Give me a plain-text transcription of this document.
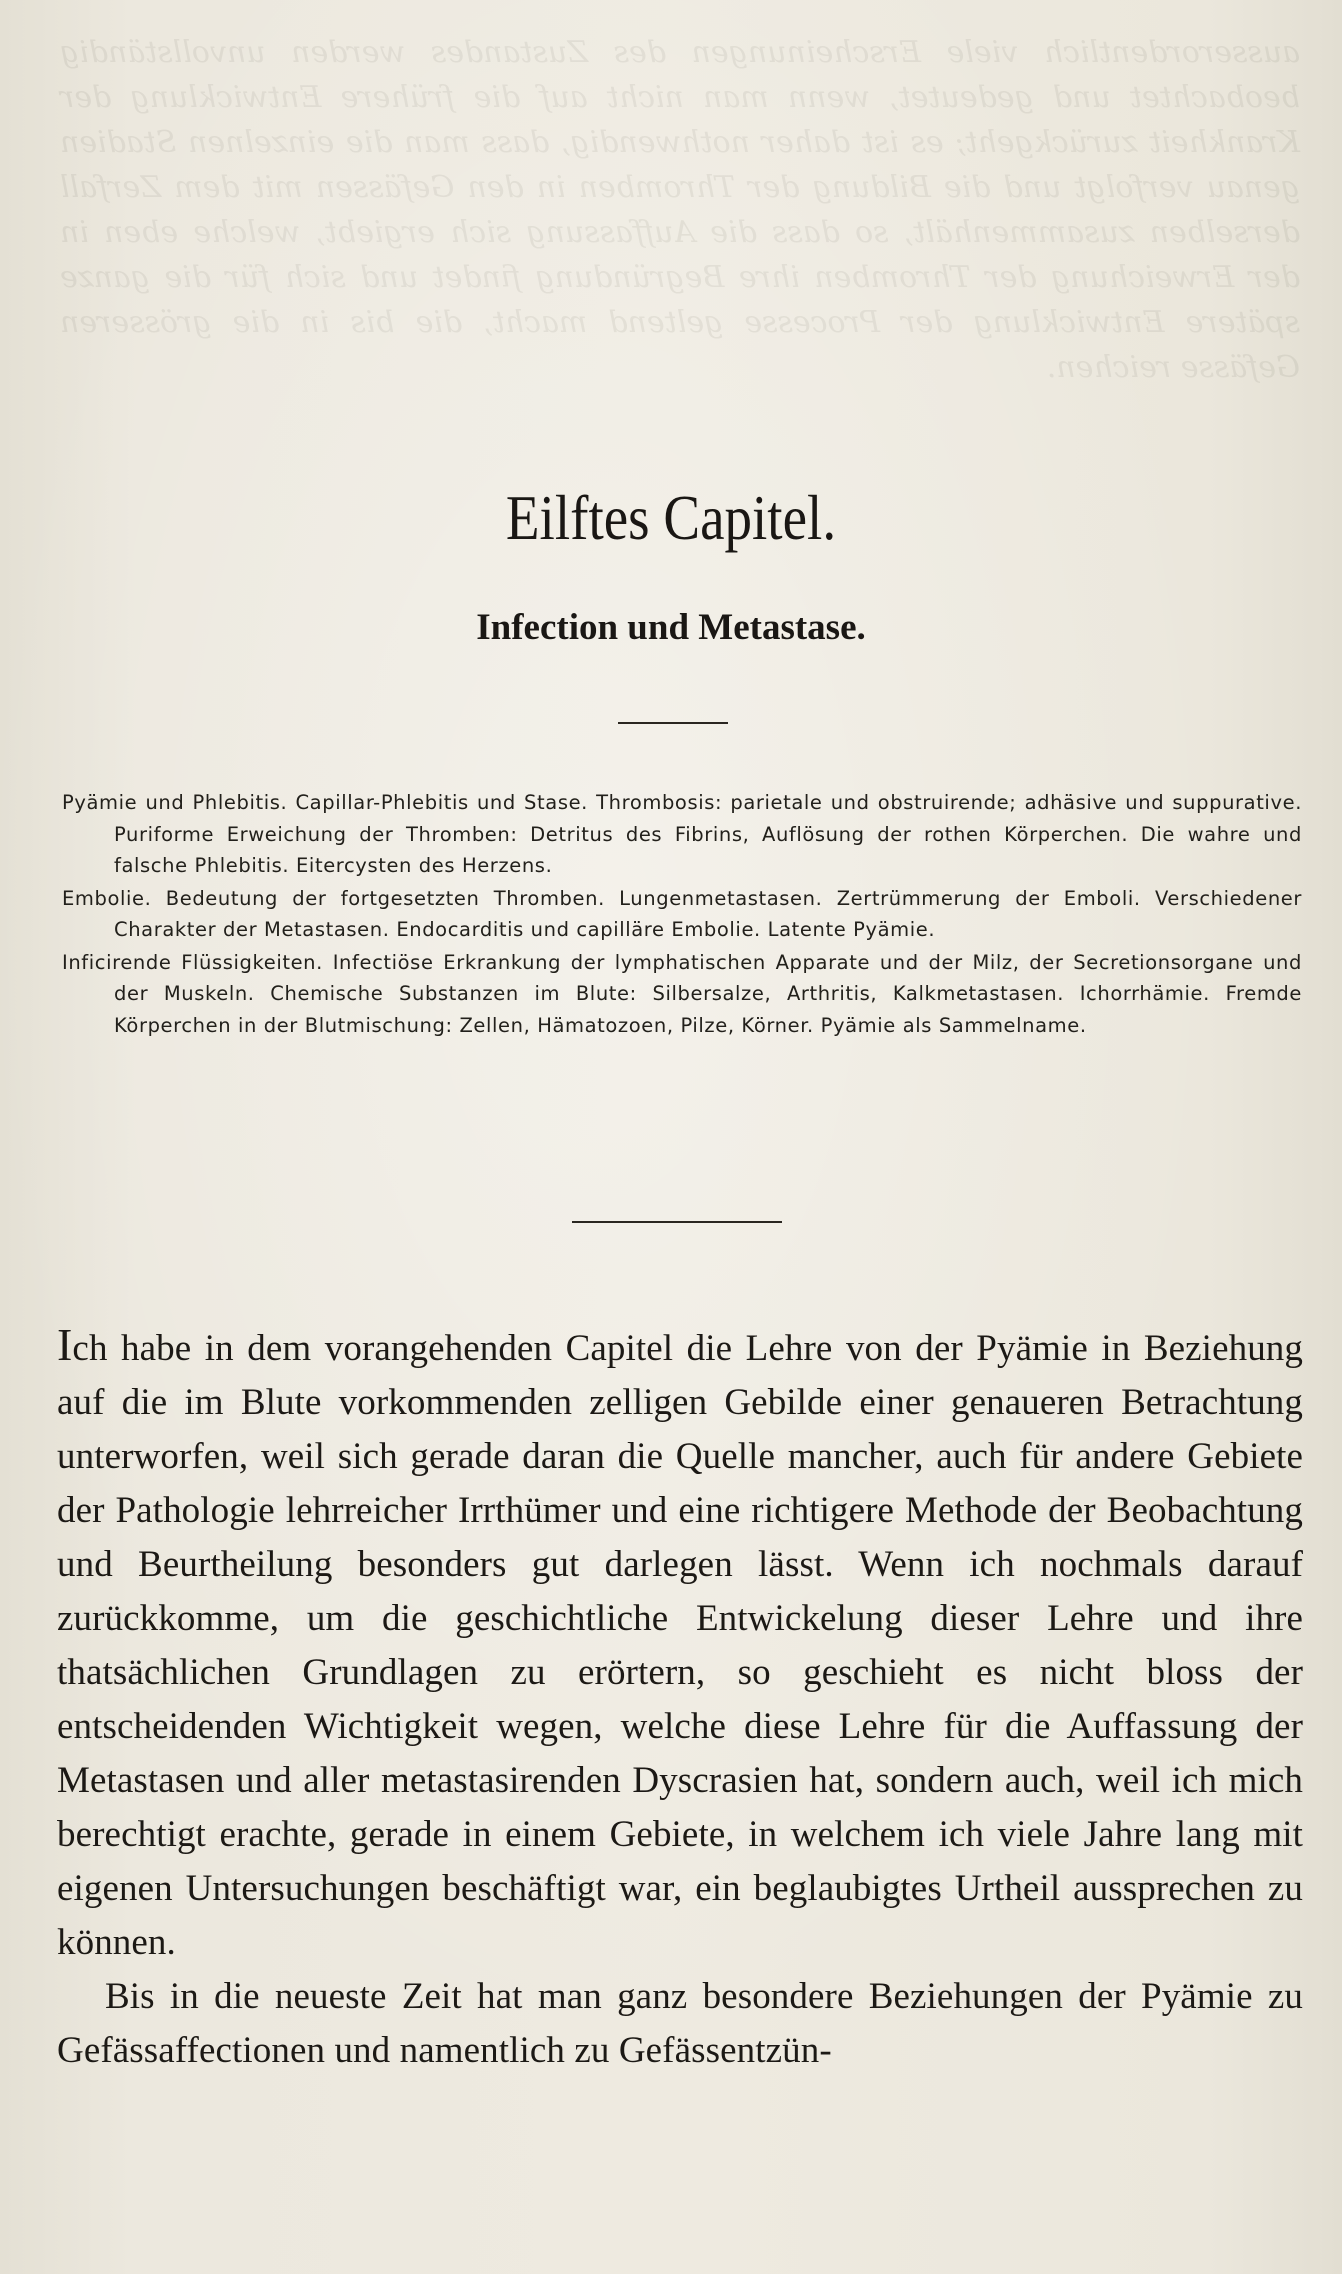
ausserordentlich viele Erscheinungen des Zustandes werden unvollständig beobachtet und gedeutet, wenn man nicht auf die frühere Entwicklung der Krankheit zurückgeht; es ist daher nothwendig, dass man die einzelnen Stadien genau verfolgt und die Bildung der Thromben in den Gefässen mit dem Zerfall derselben zusammenhält, so dass die Auffassung sich ergiebt, welche eben in der Erweichung der Thromben ihre Begründung findet und sich für die ganze spätere Entwicklung der Processe geltend macht, die bis in die grösseren Gefässe reichen.

Eilftes Capitel.
Infection und Metastase.

Pyämie und Phlebitis. Capillar-Phlebitis und Stase. Thrombosis: parietale und obstruirende; adhäsive und suppurative. Puriforme Erweichung der Thromben: Detritus des Fibrins, Auflösung der rothen Körperchen. Die wahre und falsche Phlebitis. Eitercysten des Herzens.

Embolie. Bedeutung der fortgesetzten Thromben. Lungenmetastasen. Zertrümmerung der Emboli. Verschiedener Charakter der Metastasen. Endocarditis und capilläre Embolie. Latente Pyämie.

Inficirende Flüssigkeiten. Infectiöse Erkrankung der lymphatischen Apparate und der Milz, der Secretionsorgane und der Muskeln. Chemische Substanzen im Blute: Silbersalze, Arthritis, Kalkmetastasen. Ichorrhämie. Fremde Körperchen in der Blutmischung: Zellen, Hämatozoen, Pilze, Körner. Pyämie als Sammelname.

Ich habe in dem vorangehenden Capitel die Lehre von der Pyämie in Beziehung auf die im Blute vorkommenden zelligen Gebilde einer genaueren Betrachtung unterworfen, weil sich gerade daran die Quelle mancher, auch für andere Gebiete der Pathologie lehrreicher Irrthümer und eine richtigere Methode der Beobachtung und Beurtheilung besonders gut darlegen lässt. Wenn ich nochmals darauf zurückkomme, um die geschichtliche Entwickelung dieser Lehre und ihre thatsächlichen Grundlagen zu erörtern, so geschieht es nicht bloss der entscheidenden Wichtigkeit wegen, welche diese Lehre für die Auffassung der Metastasen und aller metastasirenden Dyscrasien hat, sondern auch, weil ich mich berechtigt erachte, gerade in einem Gebiete, in welchem ich viele Jahre lang mit eigenen Untersuchungen beschäftigt war, ein beglaubigtes Urtheil aussprechen zu können.

Bis in die neueste Zeit hat man ganz besondere Beziehungen der Pyämie zu Gefässaffectionen und namentlich zu Gefässentzün-
